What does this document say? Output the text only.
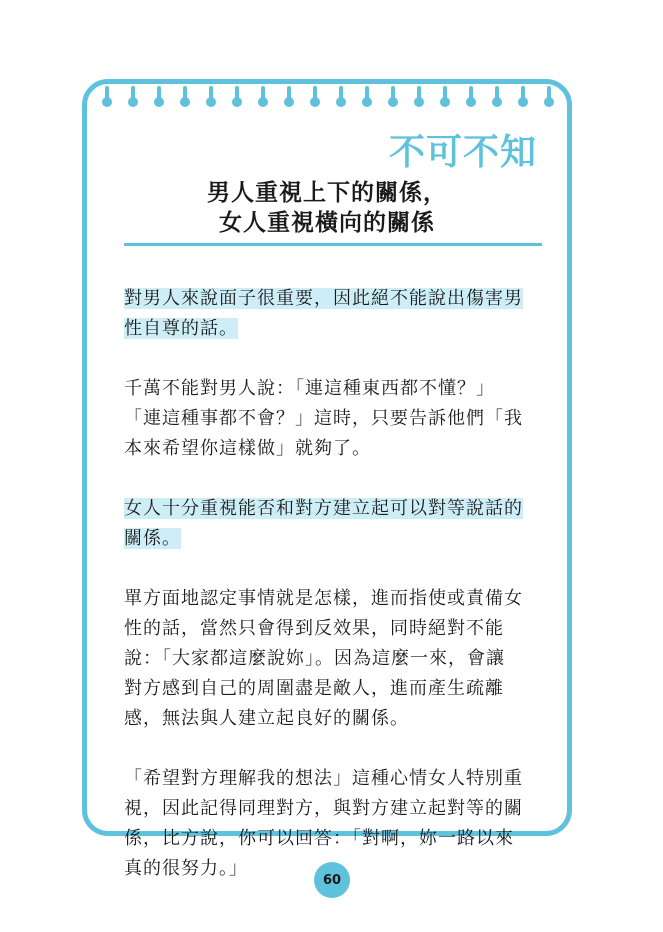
不可不知
男人重視上下的關係，
女人重視橫向的關係

對男人來說面子很重要，因此絕不能說出傷害男

性自尊的話。

千萬不能對男人說：「連這種東西都不懂？」

「連這種事都不會？」這時，只要告訴他們「我

本來希望你這樣做」就夠了。

女人十分重視能否和對方建立起可以對等說話的

關係。

單方面地認定事情就是怎樣，進而指使或責備女

性的話，當然只會得到反效果，同時絕對不能

說：「大家都這麼說妳」。因為這麼一來，會讓

對方感到自己的周圍盡是敵人，進而產生疏離

感，無法與人建立起良好的關係。

「希望對方理解我的想法」這種心情女人特別重

視，因此記得同理對方，與對方建立起對等的關

係，比方說，你可以回答：「對啊，妳一路以來

真的很努力。」

60
